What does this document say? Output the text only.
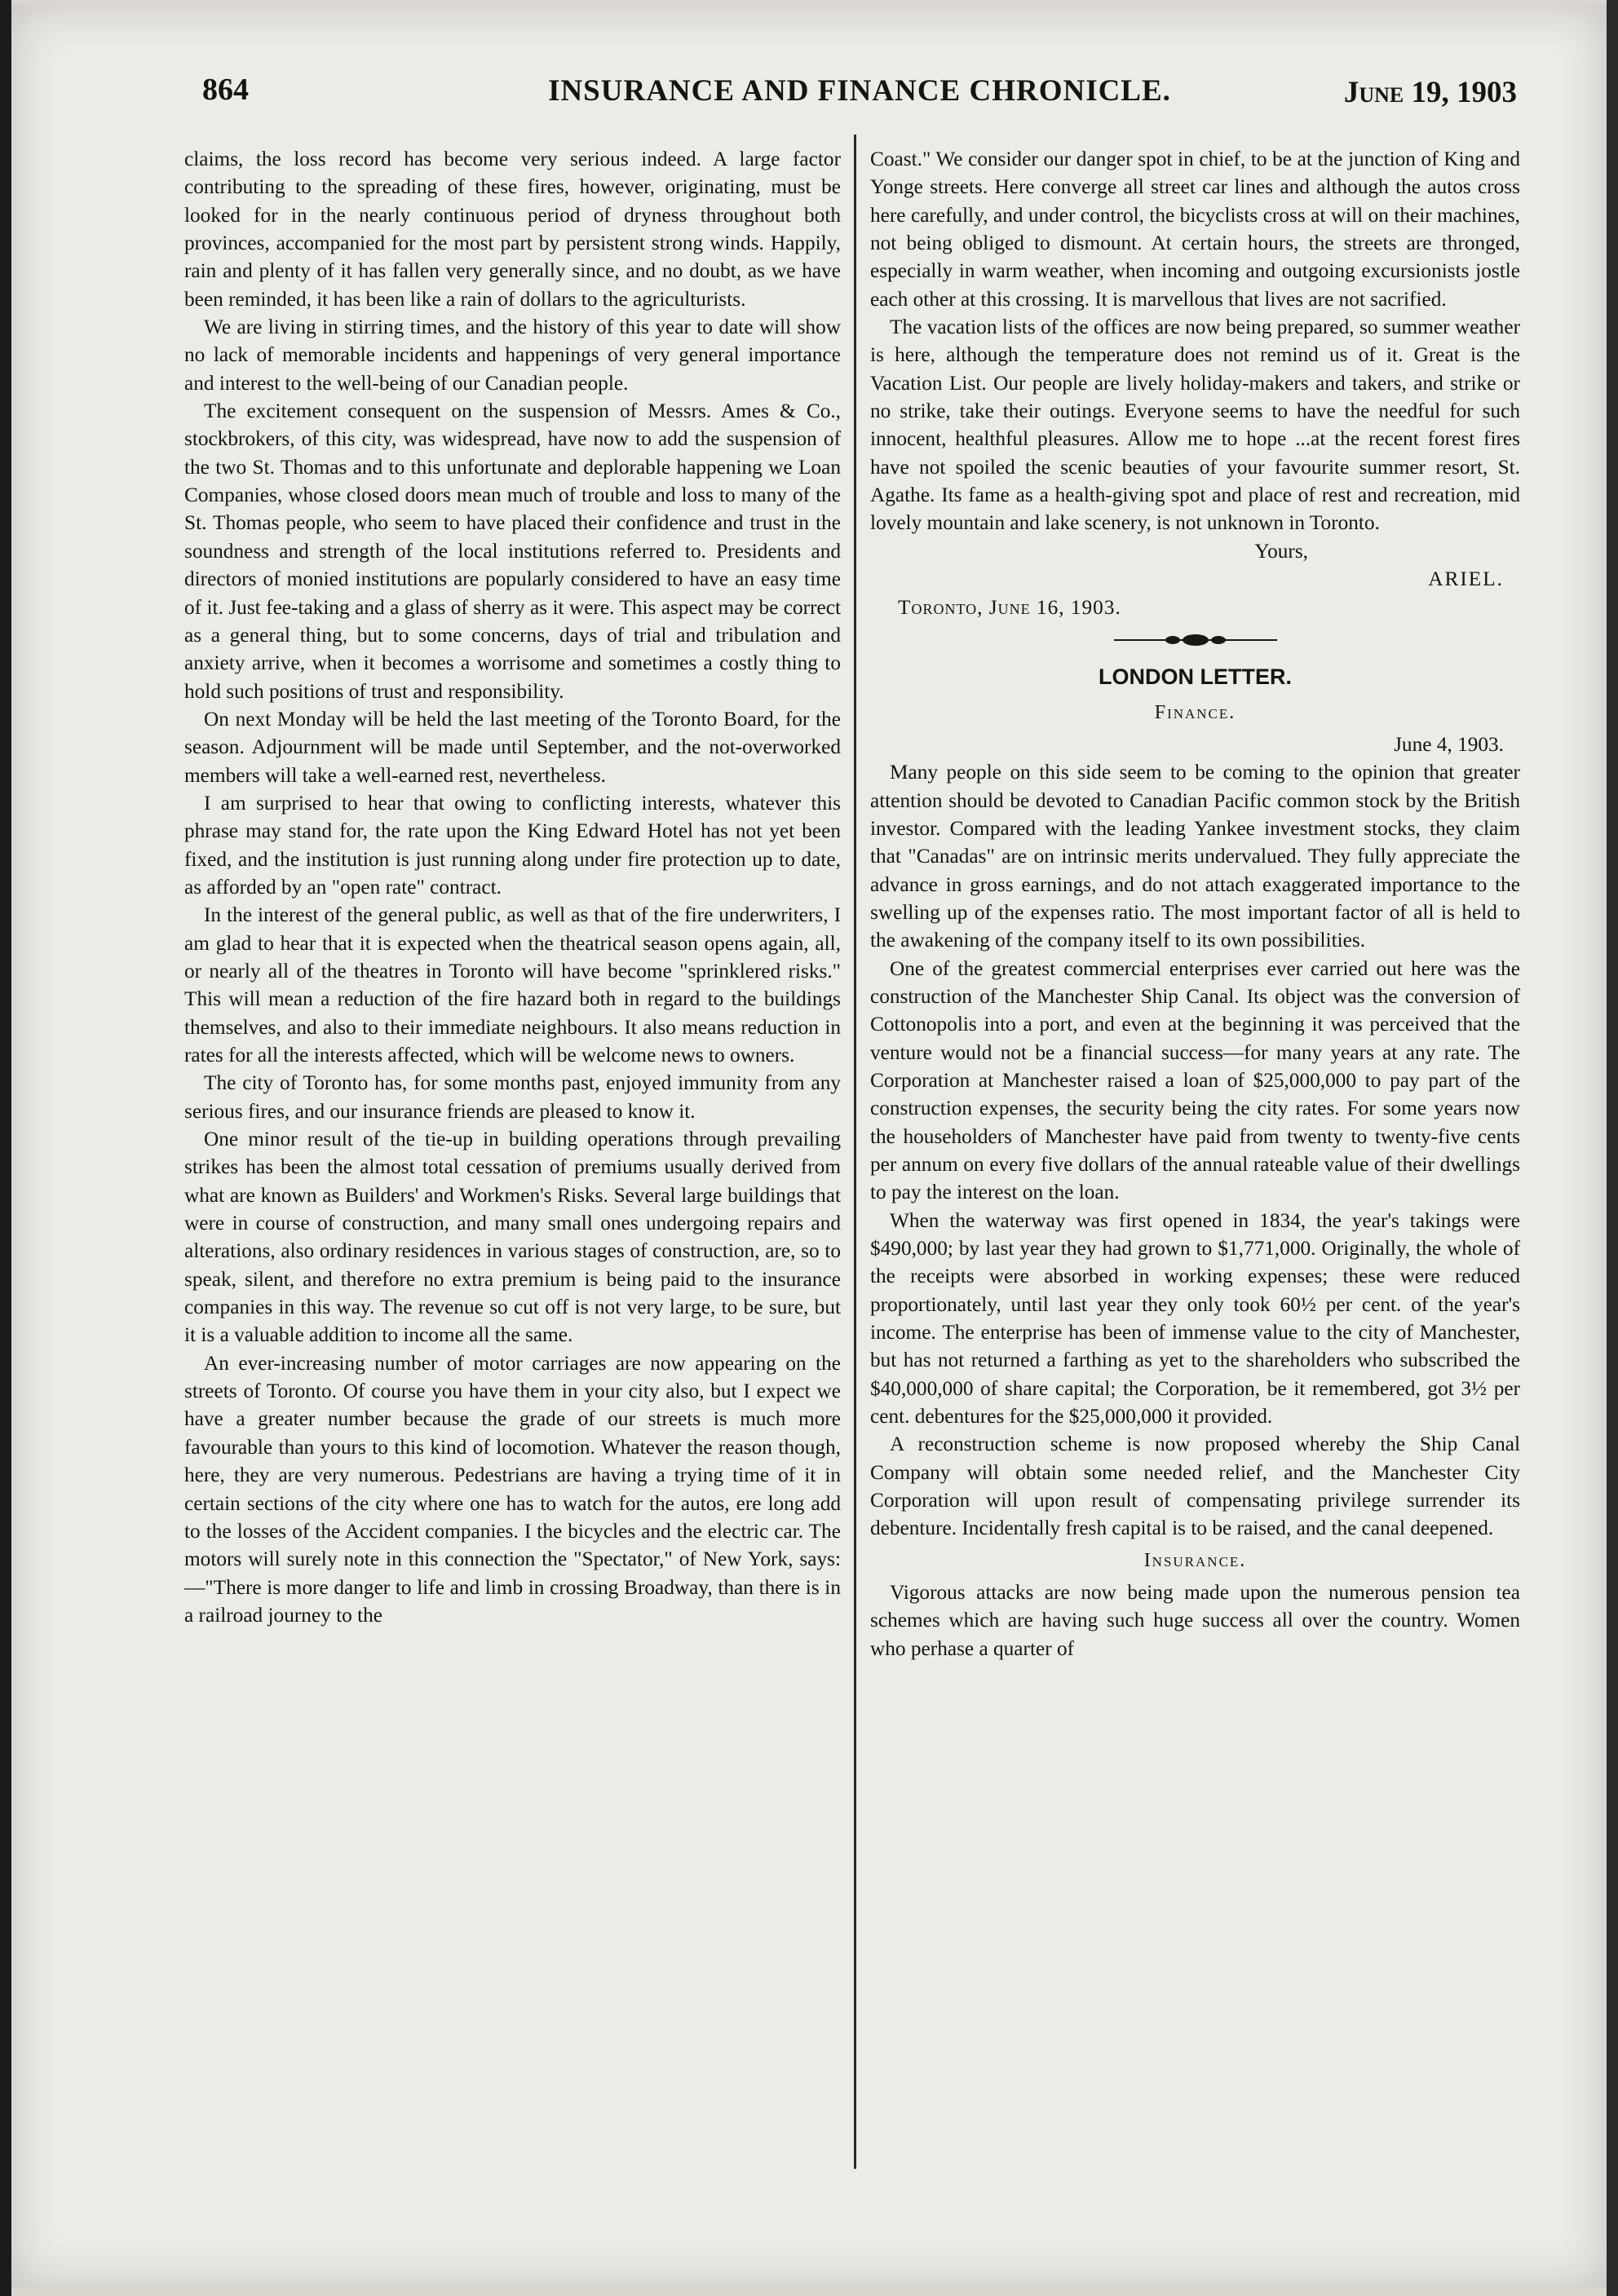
864	INSURANCE AND FINANCE CHRONICLE.	June 19, 1903

claims, the loss record has become very serious indeed. A large factor contributing to the spreading of these fires, however, originating, must be looked for in the nearly continuous period of dryness throughout both provinces, accompanied for the most part by persistent strong winds. Happily, rain and plenty of it has fallen very generally since, and no doubt, as we have been reminded, it has been like a rain of dollars to the agriculturists.

We are living in stirring times, and the history of this year to date will show no lack of memorable incidents and happenings of very general importance and interest to the well-being of our Canadian people.

The excitement consequent on the suspension of Messrs. Ames & Co., stockbrokers, of this city, was widespread, have now to add the suspension of the two St. Thomas and to this unfortunate and deplorable happening we Loan Companies, whose closed doors mean much of trouble and loss to many of the St. Thomas people, who seem to have placed their confidence and trust in the soundness and strength of the local institutions referred to. Presidents and directors of monied institutions are popularly considered to have an easy time of it. Just fee-taking and a glass of sherry as it were. This aspect may be correct as a general thing, but to some concerns, days of trial and tribulation and anxiety arrive, when it becomes a worrisome and sometimes a costly thing to hold such positions of trust and responsibility.

On next Monday will be held the last meeting of the Toronto Board, for the season. Adjournment will be made until September, and the not-overworked members will take a well-earned rest, nevertheless.

I am surprised to hear that owing to conflicting interests, whatever this phrase may stand for, the rate upon the King Edward Hotel has not yet been fixed, and the institution is just running along under fire protection up to date, as afforded by an "open rate" contract.

In the interest of the general public, as well as that of the fire underwriters, I am glad to hear that it is expected when the theatrical season opens again, all, or nearly all of the theatres in Toronto will have become "sprinklered risks." This will mean a reduction of the fire hazard both in regard to the buildings themselves, and also to their immediate neighbours. It also means reduction in rates for all the interests affected, which will be welcome news to owners.

The city of Toronto has, for some months past, enjoyed immunity from any serious fires, and our insurance friends are pleased to know it.

One minor result of the tie-up in building operations through prevailing strikes has been the almost total cessation of premiums usually derived from what are known as Builders' and Workmen's Risks. Several large buildings that were in course of construction, and many small ones undergoing repairs and alterations, also ordinary residences in various stages of construction, are, so to speak, silent, and therefore no extra premium is being paid to the insurance companies in this way. The revenue so cut off is not very large, to be sure, but it is a valuable addition to income all the same.

An ever-increasing number of motor carriages are now appearing on the streets of Toronto. Of course you have them in your city also, but I expect we have a greater number because the grade of our streets is much more favourable than yours to this kind of locomotion. Whatever the reason though, here, they are very numerous. Pedestrians are having a trying time of it in certain sections of the city where one has to watch for the autos, ere long add to the losses of the Accident companies. I the bicycles and the electric car. The motors will surely note in this connection the "Spectator," of New York, says:—"There is more danger to life and limb in crossing Broadway, than there is in a railroad journey to the

Coast." We consider our danger spot in chief, to be at the junction of King and Yonge streets. Here converge all street car lines and although the autos cross here carefully, and under control, the bicyclists cross at will on their machines, not being obliged to dismount. At certain hours, the streets are thronged, especially in warm weather, when incoming and outgoing excursionists jostle each other at this crossing. It is marvellous that lives are not sacrified.

The vacation lists of the offices are now being prepared, so summer weather is here, although the temperature does not remind us of it. Great is the Vacation List. Our people are lively holiday-makers and takers, and strike or no strike, take their outings. Everyone seems to have the needful for such innocent, healthful pleasures. Allow me to hope ...at the recent forest fires have not spoiled the scenic beauties of your favourite summer resort, St. Agathe. Its fame as a health-giving spot and place of rest and recreation, mid lovely mountain and lake scenery, is not unknown in Toronto.

Yours,

ARIEL.

Toronto, June 16, 1903.

LONDON LETTER.

Finance.

June 4, 1903.

Many people on this side seem to be coming to the opinion that greater attention should be devoted to Canadian Pacific common stock by the British investor. Compared with the leading Yankee investment stocks, they claim that "Canadas" are on intrinsic merits undervalued. They fully appreciate the advance in gross earnings, and do not attach exaggerated importance to the swelling up of the expenses ratio. The most important factor of all is held to the awakening of the company itself to its own possibilities.

One of the greatest commercial enterprises ever carried out here was the construction of the Manchester Ship Canal. Its object was the conversion of Cottonopolis into a port, and even at the beginning it was perceived that the venture would not be a financial success—for many years at any rate. The Corporation at Manchester raised a loan of $25,000,000 to pay part of the construction expenses, the security being the city rates. For some years now the householders of Manchester have paid from twenty to twenty-five cents per annum on every five dollars of the annual rateable value of their dwellings to pay the interest on the loan.

When the waterway was first opened in 1834, the year's takings were $490,000; by last year they had grown to $1,771,000. Originally, the whole of the receipts were absorbed in working expenses; these were reduced proportionately, until last year they only took 60½ per cent. of the year's income. The enterprise has been of immense value to the city of Manchester, but has not returned a farthing as yet to the shareholders who subscribed the $40,000,000 of share capital; the Corporation, be it remembered, got 3½ per cent. debentures for the $25,000,000 it provided.

A reconstruction scheme is now proposed whereby the Ship Canal Company will obtain some needed relief, and the Manchester City Corporation will upon result of compensating privilege surrender its debenture. Incidentally fresh capital is to be raised, and the canal deepened.

Insurance.

Vigorous attacks are now being made upon the numerous pension tea schemes which are having such huge success all over the country. Women who perhase a quarter of
